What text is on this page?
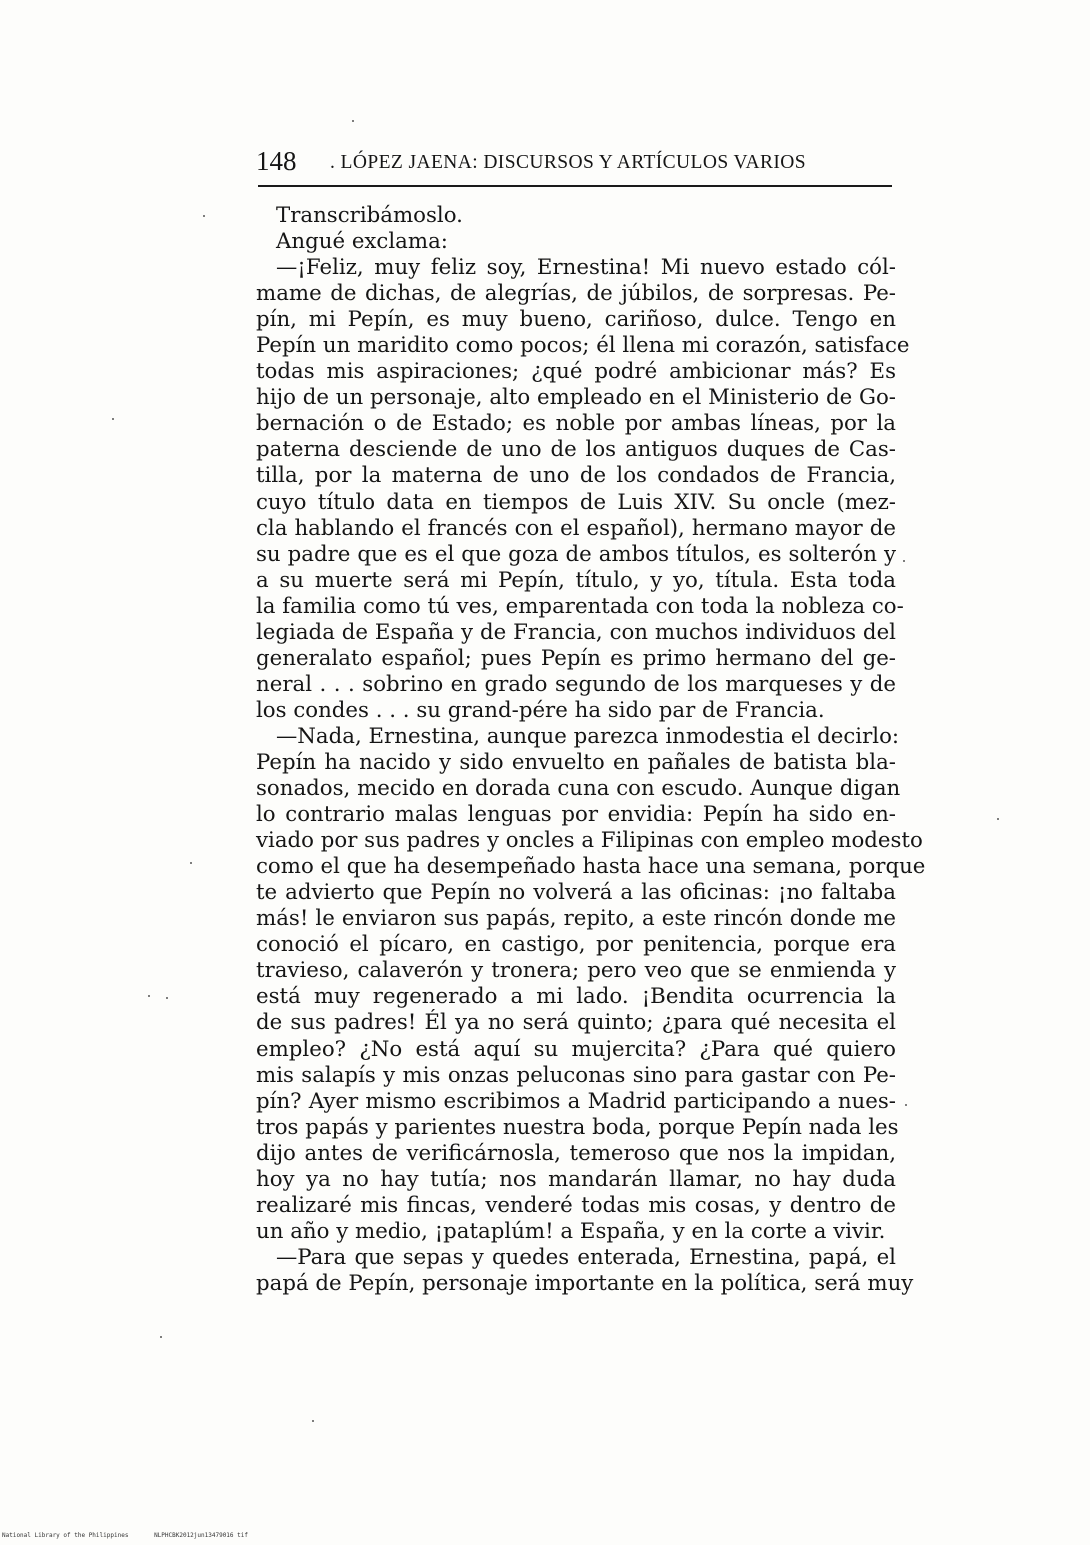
148 . LÓPEZ JAENA: DISCURSOS Y ARTÍCULOS VARIOS
Transcribámoslo.
Angué exclama:
—¡Feliz, muy feliz soy, Ernestina! Mi nuevo estado cól-
mame de dichas, de alegrías, de júbilos, de sorpresas. Pe-
pín, mi Pepín, es muy bueno, cariñoso, dulce. Tengo en
Pepín un maridito como pocos; él llena mi corazón, satisface
todas mis aspiraciones; ¿qué podré ambicionar más? Es
hijo de un personaje, alto empleado en el Ministerio de Go-
bernación o de Estado; es noble por ambas líneas, por la
paterna desciende de uno de los antiguos duques de Cas-
tilla, por la materna de uno de los condados de Francia,
cuyo título data en tiempos de Luis XIV. Su oncle (mez-
cla hablando el francés con el español), hermano mayor de
su padre que es el que goza de ambos títulos, es solterón y
a su muerte será mi Pepín, título, y yo, títula. Esta toda
la familia como tú ves, emparentada con toda la nobleza co-
legiada de España y de Francia, con muchos individuos del
generalato español; pues Pepín es primo hermano del ge-
neral . . . sobrino en grado segundo de los marqueses y de
los condes . . . su grand-pére ha sido par de Francia.
—Nada, Ernestina, aunque parezca inmodestia el decirlo:
Pepín ha nacido y sido envuelto en pañales de batista bla-
sonados, mecido en dorada cuna con escudo. Aunque digan
lo contrario malas lenguas por envidia: Pepín ha sido en-
viado por sus padres y oncles a Filipinas con empleo modesto
como el que ha desempeñado hasta hace una semana, porque
te advierto que Pepín no volverá a las oficinas: ¡no faltaba
más! le enviaron sus papás, repito, a este rincón donde me
conoció el pícaro, en castigo, por penitencia, porque era
travieso, calaverón y tronera; pero veo que se enmienda y
está muy regenerado a mi lado. ¡Bendita ocurrencia la
de sus padres! Él ya no será quinto; ¿para qué necesita el
empleo? ¿No está aquí su mujercita? ¿Para qué quiero
mis salapís y mis onzas peluconas sino para gastar con Pe-
pín? Ayer mismo escribimos a Madrid participando a nues-
tros papás y parientes nuestra boda, porque Pepín nada les
dijo antes de verificárnosla, temeroso que nos la impidan,
hoy ya no hay tutía; nos mandarán llamar, no hay duda
realizaré mis fincas, venderé todas mis cosas, y dentro de
un año y medio, ¡pataplúm! a España, y en la corte a vivir.
—Para que sepas y quedes enterada, Ernestina, papá, el
papá de Pepín, personaje importante en la política, será muy
National Library of the Philippines	NLPHCBK2012jun13479016 tif
